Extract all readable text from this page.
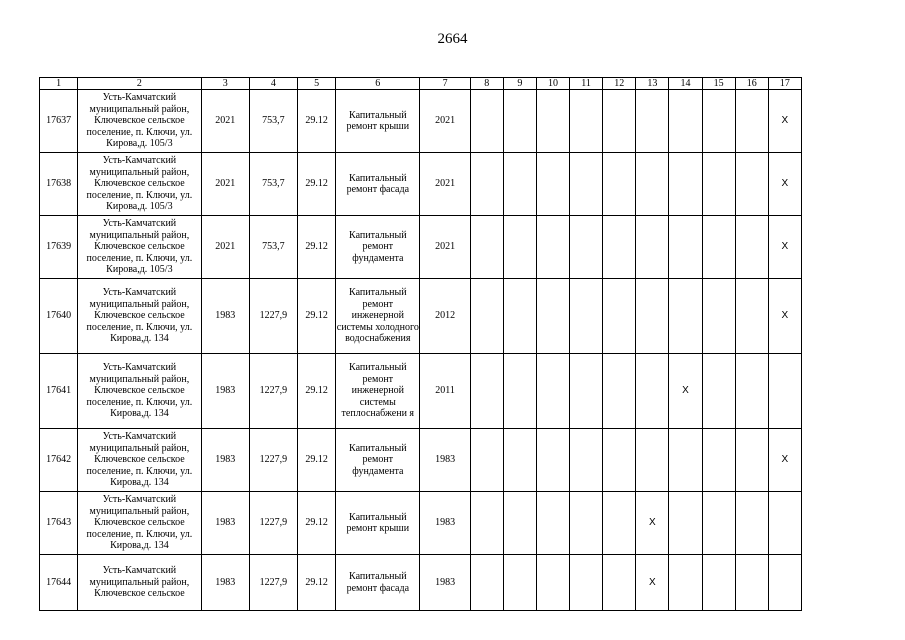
2664
1	2	3	4	5	6	7	8	9	10	11	12	13	14	15	16	17
17637	Усть-Камчатский муниципальный район, Ключевское сельское поселение, п. Ключи, ул. Кирова,д. 105/3	2021	753,7	29.12	Капитальный ремонт крыши	2021										X
17638	Усть-Камчатский муниципальный район, Ключевское сельское поселение, п. Ключи, ул. Кирова,д. 105/3	2021	753,7	29.12	Капитальный ремонт фасада	2021										X
17639	Усть-Камчатский муниципальный район, Ключевское сельское поселение, п. Ключи, ул. Кирова,д. 105/3	2021	753,7	29.12	Капитальный ремонт фундамента	2021										X
17640	Усть-Камчатский муниципальный район, Ключевское сельское поселение, п. Ключи, ул. Кирова,д. 134	1983	1227,9	29.12	Капитальный ремонт инженерной системы холодного водоснабжения	2012										X
17641	Усть-Камчатский муниципальный район, Ключевское сельское поселение, п. Ключи, ул. Кирова,д. 134	1983	1227,9	29.12	Капитальный ремонт инженерной системы теплоснабжени я	2011							X			
17642	Усть-Камчатский муниципальный район, Ключевское сельское поселение, п. Ключи, ул. Кирова,д. 134	1983	1227,9	29.12	Капитальный ремонт фундамента	1983										X
17643	Усть-Камчатский муниципальный район, Ключевское сельское поселение, п. Ключи, ул. Кирова,д. 134	1983	1227,9	29.12	Капитальный ремонт крыши	1983						X				
17644	Усть-Камчатский муниципальный район, Ключевское сельское	1983	1227,9	29.12	Капитальный ремонт фасада	1983						X				
